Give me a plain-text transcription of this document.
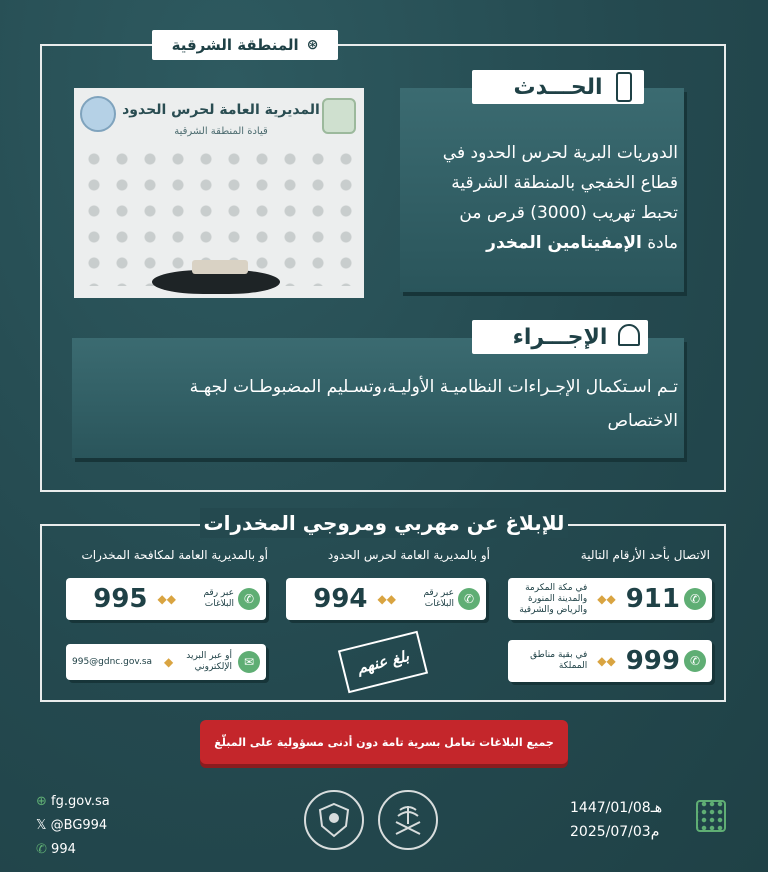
⊛
المنطقة الشرقية
المديرية العامة لحرس الحدود
قيادة المنطقة الشرقية
الحـــدث
الدوريات البرية لحرس الحدود في
قطاع الخفجي بالمنطقة الشرقية
تحبط تهريب (3000) قرص من
مادة الإمفيتامين المخدر
الإجـــراء
تـم اسـتكمال الإجـراءات النظاميـة الأوليـة،وتسـليم المضبوطـات لجهـة
الاختصاص
للإبلاغ عن مهربي ومروجي المخدرات
الاتصال بأحد الأرقام التالية
أو بالمديرية العامة لحرس الحدود
أو بالمديرية العامة لمكافحة المخدرات
✆
911
◆◆
في مكة المكرمة والمدينة المنورة والرياض والشرقية
✆
999
◆◆
في بقية مناطق المملكة
✆
عبر رقم البلاغات
◆◆
994
✆
عبر رقم البلاغات
◆◆
995
✉
أو عبر البريد الإلكتروني
◆
995@gdnc.gov.sa	بلغ عنهم
جميع البلاغات تعامل بسرية تامة دون أدنى مسؤولية على المبلّغ
⊕ fg.gov.sa
𝕏 @BG994
✆ 994
1447/01/08هـ
2025/07/03م
